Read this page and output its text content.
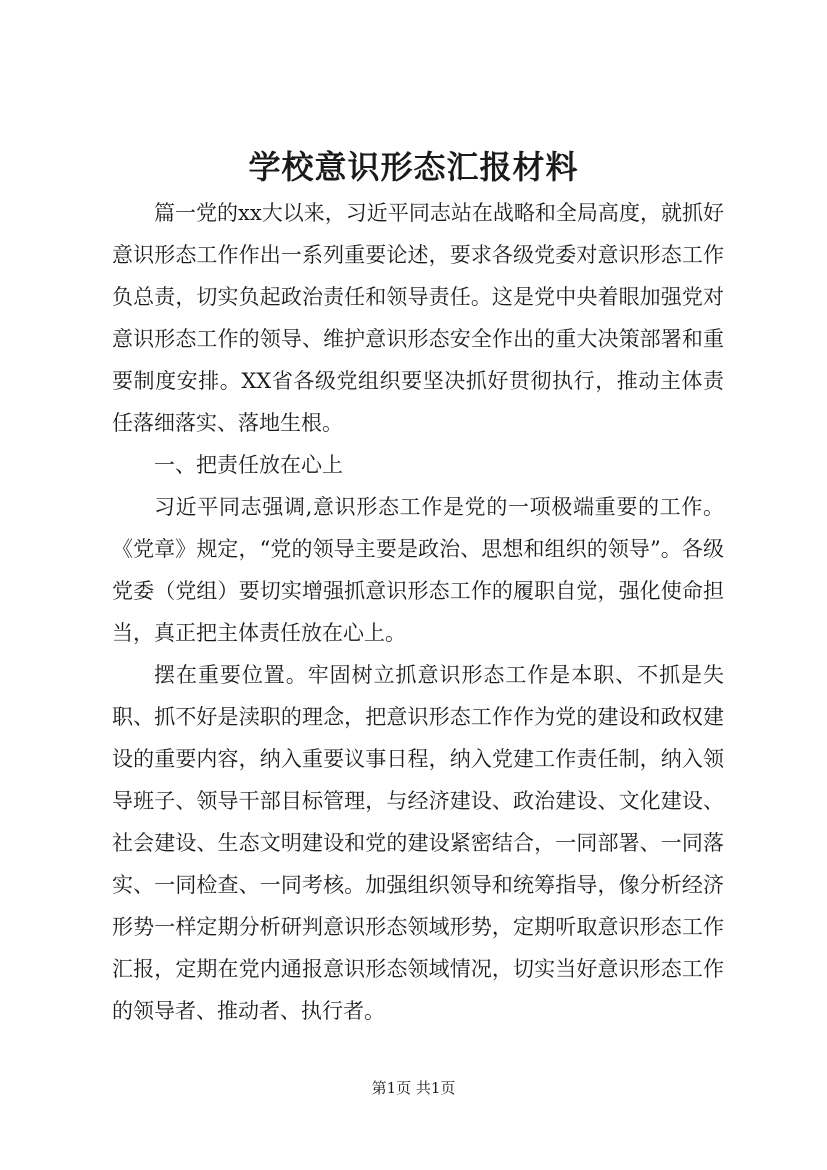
学校意识形态汇报材料

篇一党的xx大以来，习近平同志站在战略和全局高度，就抓好意识形态工作作出一系列重要论述，要求各级党委对意识形态工作负总责，切实负起政治责任和领导责任。这是党中央着眼加强党对意识形态工作的领导、维护意识形态安全作出的重大决策部署和重要制度安排。XX省各级党组织要坚决抓好贯彻执行，推动主体责任落细落实、落地生根。

一、把责任放在心上

习近平同志强调,意识形态工作是党的一项极端重要的工作。《党章》规定，“党的领导主要是政治、思想和组织的领导”。各级党委（党组）要切实增强抓意识形态工作的履职自觉，强化使命担当，真正把主体责任放在心上。

摆在重要位置。牢固树立抓意识形态工作是本职、不抓是失职、抓不好是渎职的理念，把意识形态工作作为党的建设和政权建设的重要内容，纳入重要议事日程，纳入党建工作责任制，纳入领导班子、领导干部目标管理，与经济建设、政治建设、文化建设、社会建设、生态文明建设和党的建设紧密结合，一同部署、一同落实、一同检查、一同考核。加强组织领导和统筹指导，像分析经济形势一样定期分析研判意识形态领域形势，定期听取意识形态工作汇报，定期在党内通报意识形态领域情况，切实当好意识形态工作的领导者、推动者、执行者。

第1页 共1页
